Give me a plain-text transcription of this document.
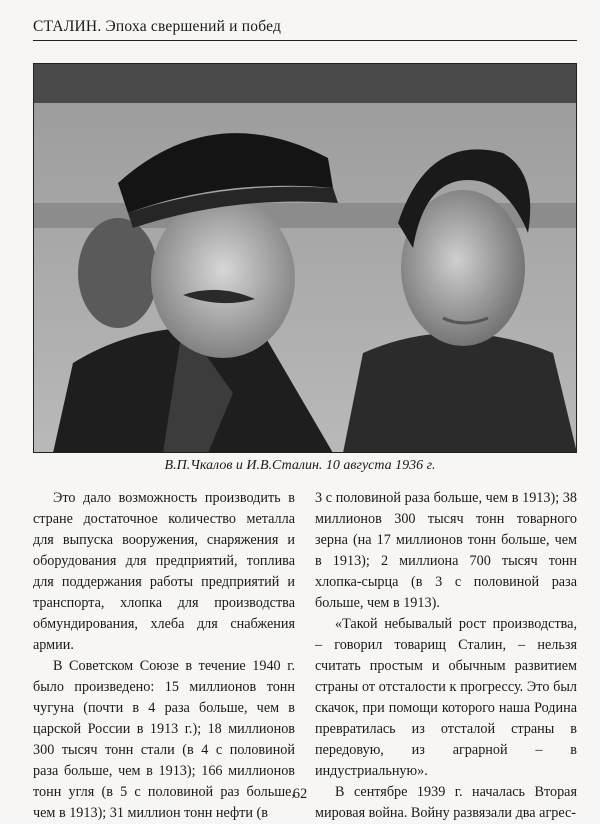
СТАЛИН. Эпоха свершений и побед
В.П.Чкалов и И.В.Сталин. 10 августа 1936 г.

Это дало возможность производить в стране достаточное количество металла для выпуска вооружения, снаряжения и оборудования для предприятий, топлива для поддержания работы предприятий и транспорта, хлопка для производства обмундирования, хлеба для снабжения армии.

В Советском Союзе в течение 1940 г. было произведено: 15 миллионов тонн чугуна (почти в 4 раза больше, чем в царской России в 1913 г.); 18 миллионов 300 тысяч тонн стали (в 4 с половиной раза больше, чем в 1913); 166 миллионов тонн угля (в 5 с половиной раз больше, чем в 1913); 31 миллион тонн нефти (в

3 с половиной раза больше, чем в 1913); 38 миллионов 300 тысяч тонн товарного зерна (на 17 миллионов тонн больше, чем в 1913); 2 миллиона 700 тысяч тонн хлопка-сырца (в 3 с половиной раза больше, чем в 1913).

«Такой небывалый рост производства, – говорил товарищ Сталин, – нельзя считать простым и обычным развитием страны от отсталости к прогрессу. Это был скачок, при помощи которого наша Родина превратилась из отсталой страны в передовую, из аграрной – в индустриальную».

В сентябре 1939 г. началась Вторая мировая война. Войну развязали два агрес-

62
